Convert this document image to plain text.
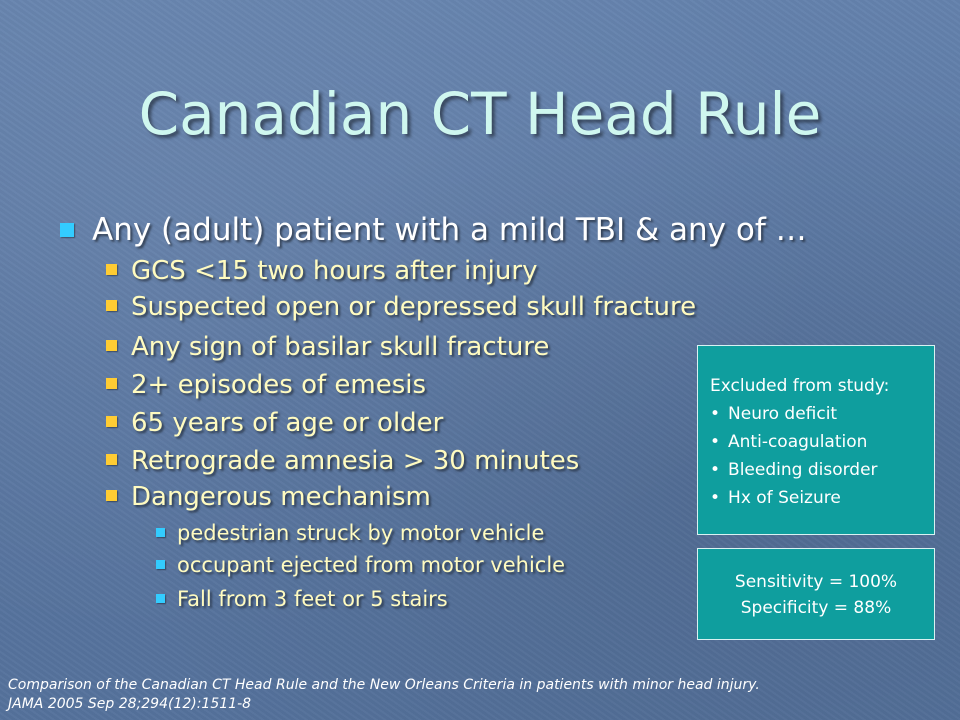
Canadian CT Head Rule
Any (adult) patient with a mild TBI & any of …
GCS <15 two hours after injury
Suspected open or depressed skull fracture
Any sign of basilar skull fracture
2+ episodes of emesis
65 years of age or older
Retrograde amnesia > 30 minutes
Dangerous mechanism
pedestrian struck by motor vehicle
occupant ejected from motor vehicle
Fall from 3 feet or 5 stairs
Excluded from study:
• Neuro deficit
• Anti-coagulation
• Bleeding disorder
• Hx of Seizure
Sensitivity = 100%
Specificity = 88%
Comparison of the Canadian CT Head Rule and the New Orleans Criteria in patients with minor head injury.
JAMA 2005 Sep 28;294(12):1511-8
